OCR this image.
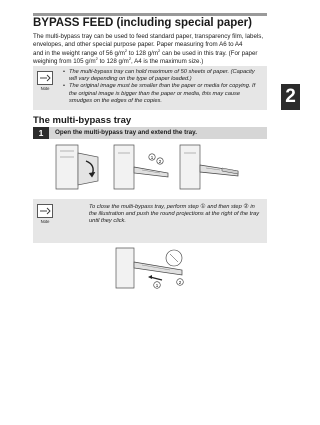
2
BYPASS FEED (including special paper)

The multi-bypass tray can be used to feed standard paper, transparency film, labels,

envelopes, and other special purpose paper. Paper measuring from A6 to A4

and in the weight range of 56 $g/m^2$ to 128 $g/m^2$ can be used in this tray. (For paper

weighing from 105 $g/m^2$ to 128 $g/m^2$, A4 is the maximum size.)

Note
• The multi-bypass tray can hold maximum of 50 sheets of paper. (Capacity will vary depending on the type of paper loaded.)
• The original image must be smaller than the paper or media for copying. If the original image is bigger than the paper or media, this may cause smudges on the edges of the copies.
The multi-bypass tray
1 Open the multi-bypass tray and extend the tray.
1
2
Note

To close the multi-bypass tray, perform step ① and then step ② in the illustration and push the round projections at the right of the tray until they click.

1
2
